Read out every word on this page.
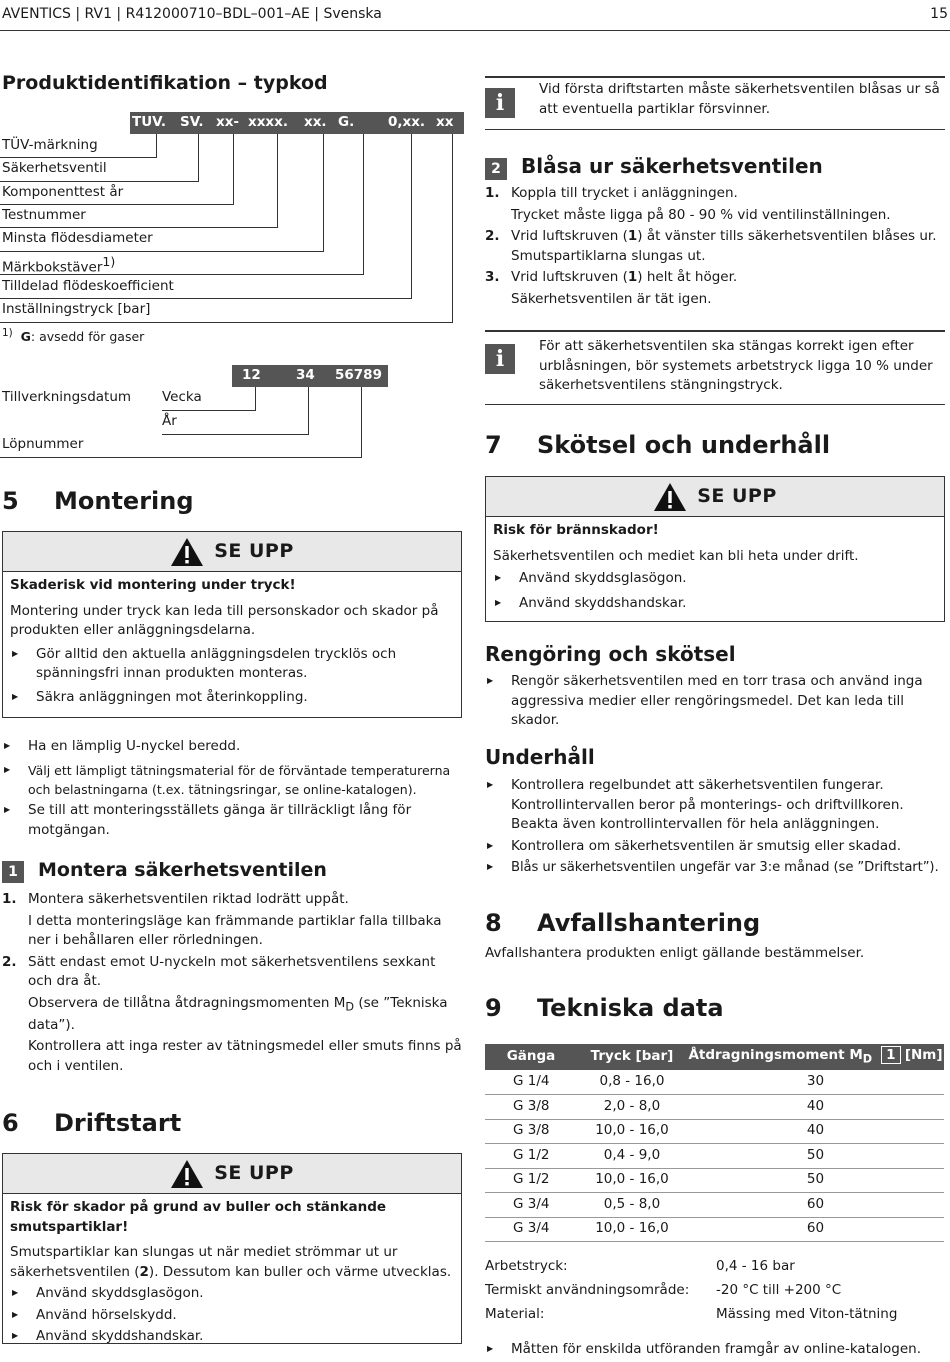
AVENTICS | RV1 | R412000710–BDL–001–AE | Svenska	15
Produktidentifikation – typkod
TUV. SV. xx- xxxx. xx. G.	0,xx. xx
TÜV-märkning
Säkerhetsventil
Komponenttest år
Testnummer
Minsta flödesdiameter
Märkbokstäver$^{1)}$
Tilldelad flödeskoefficient
Inställningstryck [bar]
$^{1)}$ G: avsedd för gaser
12	34 56789
Tillverkningsdatum Vecka
År
Löpnummer
5	Montering
SE UPP
Skaderisk vid montering under tryck!
Montering under tryck kan leda till personskador och skador på produkten eller anläggningsdelarna.
▶ Gör alltid den aktuella anläggningsdelen trycklös och spänningsfri innan produkten monteras.
▶ Säkra anläggningen mot återinkoppling.
▶ Ha en lämplig U-nyckel beredd.
▶ Välj ett lämpligt tätningsmaterial för de förväntade temperaturerna och belastningarna (t.ex. tätningsringar, se online-katalogen).
▶ Se till att monteringsställets gänga är tillräckligt lång för motgängan.
1 Montera säkerhetsventilen
1. Montera säkerhetsventilen riktad lodrätt uppåt.
I detta monteringsläge kan främmande partiklar falla tillbaka ner i behållaren eller rörledningen.
2. Sätt endast emot U-nyckeln mot säkerhetsventilens sexkant och dra åt.
Observera de tillåtna åtdragningsmomenten $M_D$ (se ”Tekniska data”).
Kontrollera att inga rester av tätningsmedel eller smuts finns på och i ventilen.
6	Driftstart
SE UPP
Risk för skador på grund av buller och stänkande smutspartiklar!
Smutspartiklar kan slungas ut när mediet strömmar ut ur säkerhetsventilen (2). Dessutom kan buller och värme utvecklas.
▶ Använd skyddsglasögon.
▶ Använd hörselskydd.
▶ Använd skyddshandskar.
i
Vid första driftstarten måste säkerhetsventilen blåsas ur så att eventuella partiklar försvinner.
2 Blåsa ur säkerhetsventilen
1. Koppla till trycket i anläggningen.
Trycket måste ligga på 80 - 90 % vid ventilinställningen.
2. Vrid luftskruven (1) åt vänster tills säkerhetsventilen blåses ur.
Smutspartiklarna slungas ut.
3. Vrid luftskruven (1) helt åt höger.
Säkerhetsventilen är tät igen.
i	För att säkerhetsventilen ska stängas korrekt igen efter urblåsningen, bör systemets arbetstryck ligga 10 % under säkerhetsventilens stängningstryck.
7	Skötsel och underhåll
SE UPP
Risk för brännskador!
Säkerhetsventilen och mediet kan bli heta under drift.
▶ Använd skyddsglasögon.
▶ Använd skyddshandskar.
Rengöring och skötsel
▶ Rengör säkerhetsventilen med en torr trasa och använd inga aggressiva medier eller rengöringsmedel. Det kan leda till skador.
Underhåll
▶ Kontrollera regelbundet att säkerhetsventilen fungerar. Kontrollintervallen beror på monterings- och driftvillkoren. Beakta även kontrollintervallen för hela anläggningen.
▶ Kontrollera om säkerhetsventilen är smutsig eller skadad.
▶ Blås ur säkerhetsventilen ungefär var 3:e månad (se ”Driftstart”).
8	Avfallshantering
Avfallshantera produkten enligt gällande bestämmelser.
9	Tekniska data
Gänga	Tryck [bar]	Åtdragningsmoment $M_D$ 1 [Nm]
G 1/4	0,8 - 16,0	30
G 3/8	2,0 - 8,0	40
G 3/8	10,0 - 16,0	40
G 1/2	0,4 - 9,0	50
G 1/2	10,0 - 16,0	50
G 3/4	0,5 - 8,0	60
G 3/4	10,0 - 16,0	60
Arbetstryck:	0,4 - 16 bar
Termiskt användningsområde:	-20 °C till +200 °C
Material:	Mässing med Viton-tätning
▶ Måtten för enskilda utföranden framgår av online-katalogen.
